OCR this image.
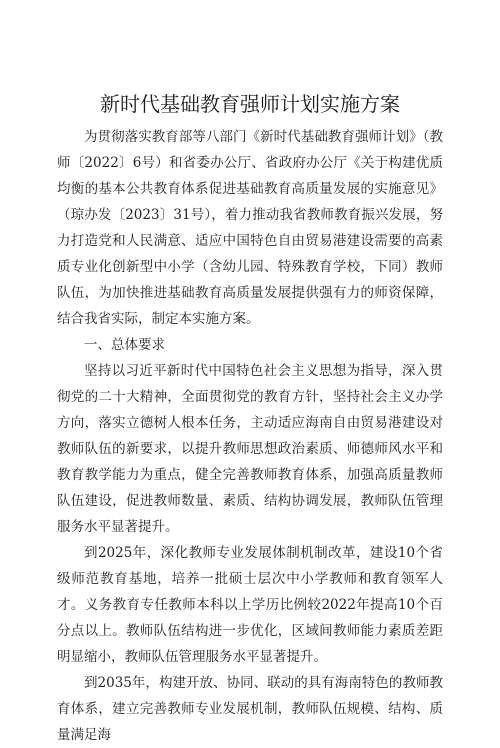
新时代基础教育强师计划实施方案

为贯彻落实教育部等八部门《新时代基础教育强师计划》（教师〔2022〕6号）和省委办公厅、省政府办公厅《关于构建优质均衡的基本公共教育体系促进基础教育高质量发展的实施意见》（琼办发〔2023〕31号），着力推动我省教师教育振兴发展，努力打造党和人民满意、适应中国特色自由贸易港建设需要的高素质专业化创新型中小学（含幼儿园、特殊教育学校，下同）教师队伍，为加快推进基础教育高质量发展提供强有力的师资保障，结合我省实际，制定本实施方案。

一、总体要求

坚持以习近平新时代中国特色社会主义思想为指导，深入贯彻党的二十大精神，全面贯彻党的教育方针，坚持社会主义办学方向，落实立德树人根本任务，主动适应海南自由贸易港建设对教师队伍的新要求，以提升教师思想政治素质、师德师风水平和教育教学能力为重点，健全完善教师教育体系，加强高质量教师队伍建设，促进教师数量、素质、结构协调发展，教师队伍管理服务水平显著提升。

到2025年，深化教师专业发展体制机制改革，建设10个省级师范教育基地，培养一批硕士层次中小学教师和教育领军人才。义务教育专任教师本科以上学历比例较2022年提高10个百分点以上。教师队伍结构进一步优化，区域间教师能力素质差距明显缩小，教师队伍管理服务水平显著提升。

到2035年，构建开放、协同、联动的具有海南特色的教师教育体系，建立完善教师专业发展机制，教师队伍规模、结构、质量满足海
